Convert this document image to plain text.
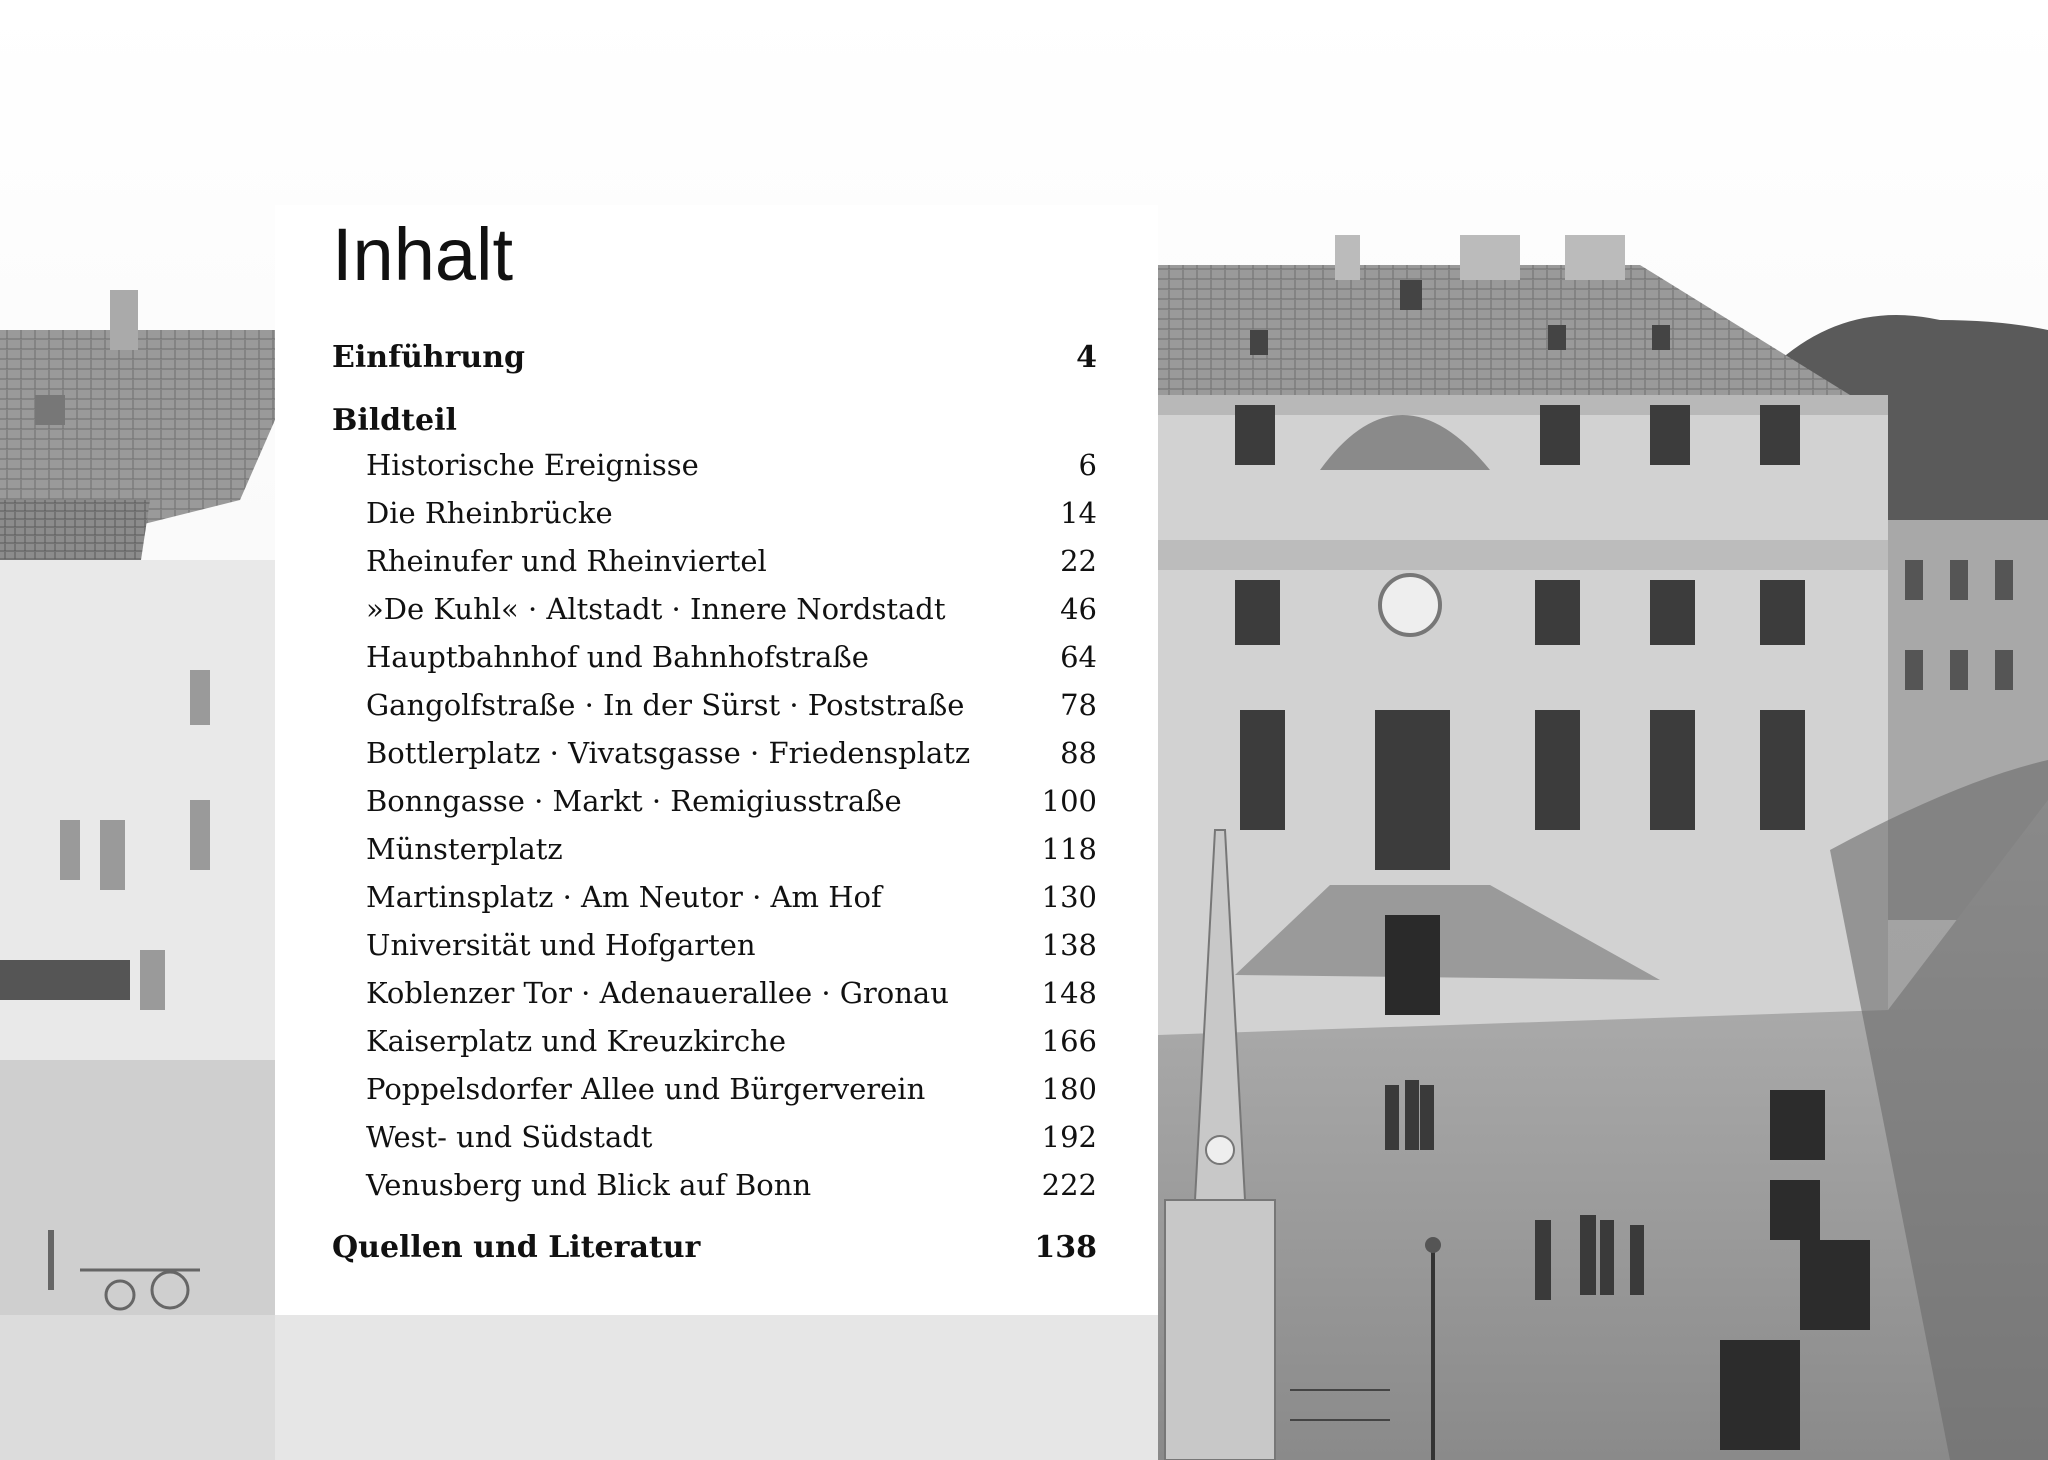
Inhalt
Einführung	4
Bildteil
Historische Ereignisse	6
Die Rheinbrücke	14
Rheinufer und Rheinviertel	22
»De Kuhl« · Altstadt · Innere Nordstadt	46
Hauptbahnhof und Bahnhofstraße	64
Gangolfstraße · In der Sürst · Poststraße	78
Bottlerplatz · Vivatsgasse · Friedensplatz	88
Bonngasse · Markt · Remigiusstraße	100
Münsterplatz	118
Martinsplatz · Am Neutor · Am Hof	130
Universität und Hofgarten	138
Koblenzer Tor · Adenauerallee · Gronau	148
Kaiserplatz und Kreuzkirche	166
Poppelsdorfer Allee und Bürgerverein	180
West- und Südstadt	192
Venusberg und Blick auf Bonn	222
Quellen und Literatur	138
